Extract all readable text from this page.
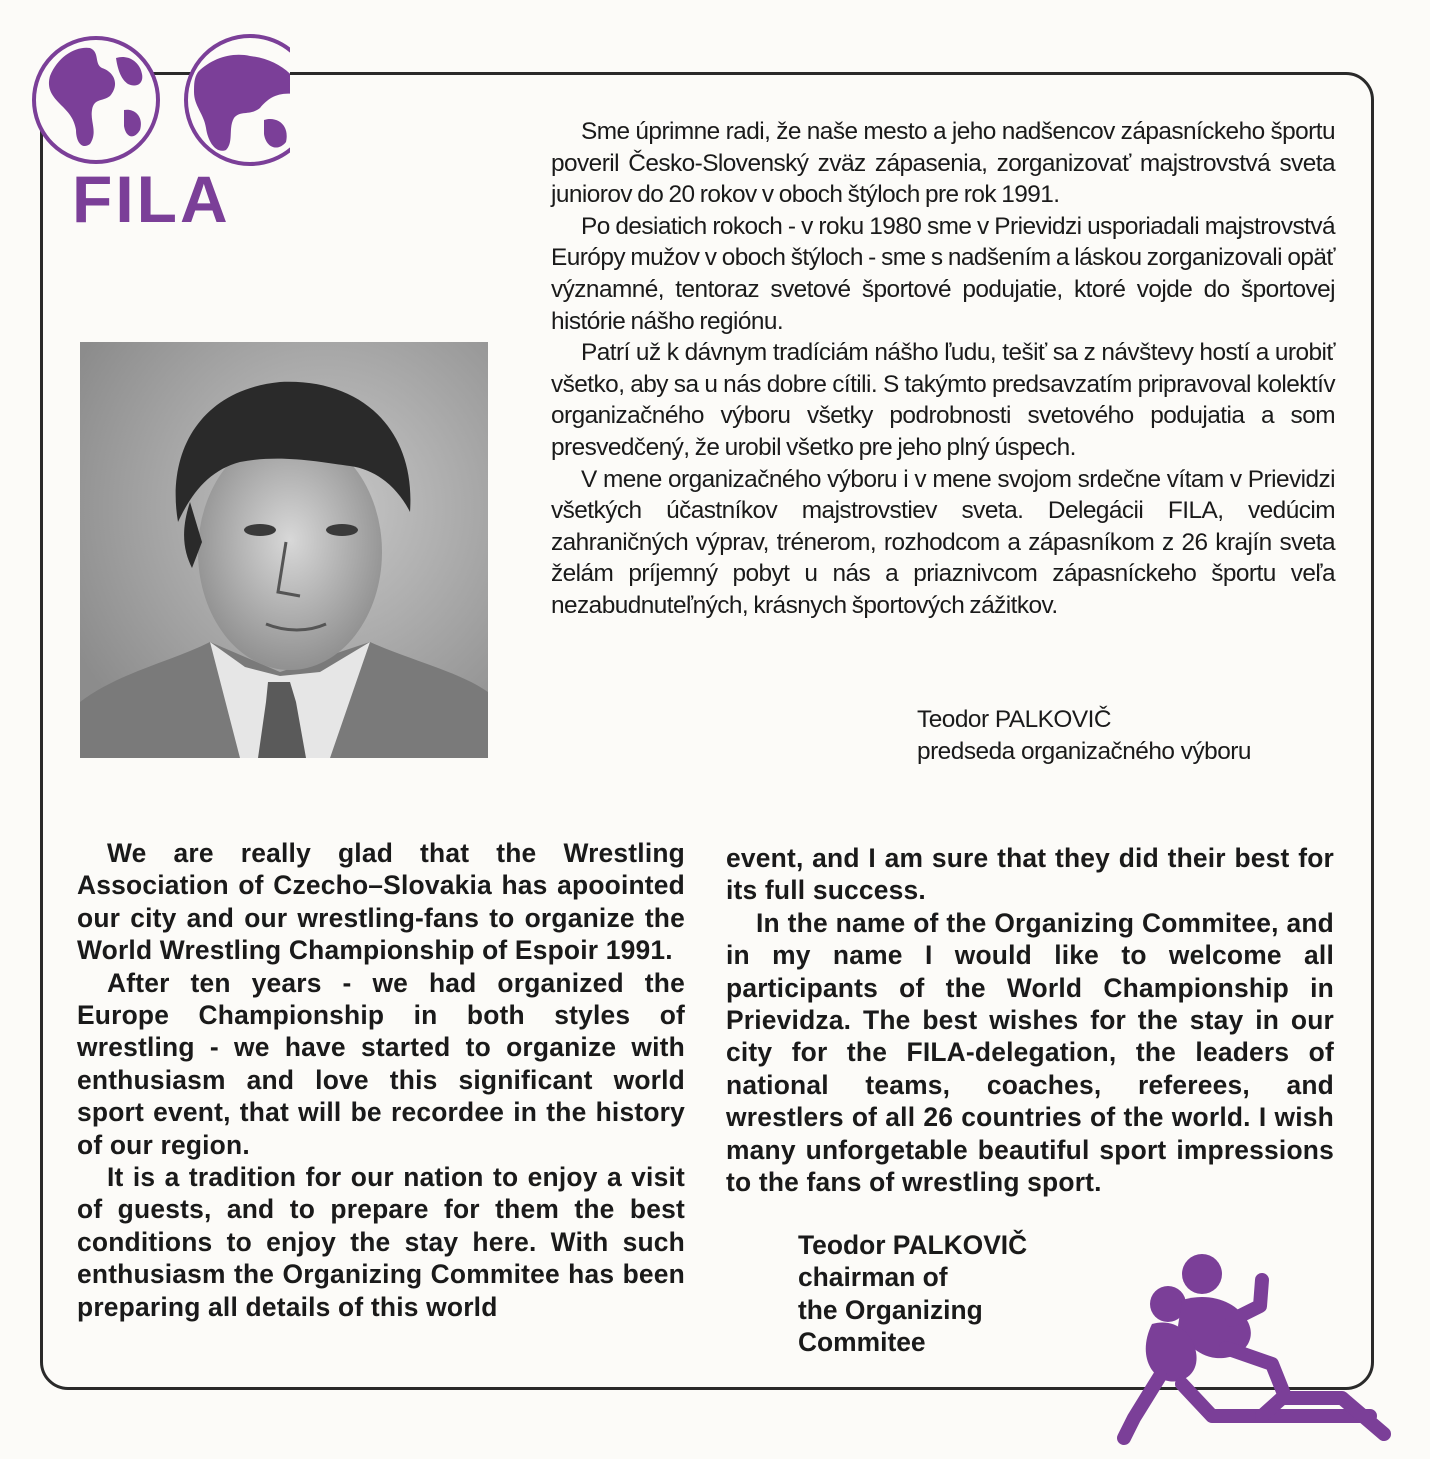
FILA

Sme úprimne radi, že naše mesto a jeho nadšencov zápasníckeho športu poveril Česko-Slovenský zväz zápasenia, zorganizovať majstrovstvá sveta juniorov do 20 rokov v oboch štýloch pre rok 1991.

Po desiatich rokoch - v roku 1980 sme v Prievidzi usporiadali majstrovstvá Európy mužov v oboch štýloch - sme s nadšením a láskou zorganizovali opäť významné, tentoraz svetové športové podujatie, ktoré vojde do športovej histórie nášho regiónu.

Patrí už k dávnym tradíciám nášho ľudu, tešiť sa z návštevy hostí a urobiť všetko, aby sa u nás dobre cítili. S takýmto predsavzatím pripravoval kolektív organizačného výboru všetky podrobnosti svetového podujatia a som presvedčený, že urobil všetko pre jeho plný úspech.

V mene organizačného výboru i v mene svojom srdečne vítam v Prievidzi všetkých účastníkov majstrovstiev sveta. Delegácii FILA, vedúcim zahraničných výprav, trénerom, rozhodcom a zápasníkom z 26 krajín sveta želám príjemný pobyt u nás a priaznivcom zápasníckeho športu veľa nezabudnuteľných, krásnych športových zážitkov.

Teodor PALKOVIČ
predseda organizačného výboru

We are really glad that the Wrestling Association of Czecho–Slovakia has apoointed our city and our wrestling-fans to organize the World Wrestling Championship of Espoir 1991.

After ten years - we had organized the Europe Championship in both styles of wrestling - we have started to organize with enthusiasm and love this significant world sport event, that will be recordee in the history of our region.

It is a tradition for our nation to enjoy a visit of guests, and to prepare for them the best conditions to enjoy the stay here. With such enthusiasm the Organizing Commitee has been preparing all details of this world

event, and I am sure that they did their best for its full success.

In the name of the Organizing Commitee, and in my name I would like to welcome all participants of the World Championship in Prievidza. The best wishes for the stay in our city for the FILA-delegation, the leaders of national teams, coaches, referees, and wrestlers of all 26 countries of the world. I wish many unforgetable beautiful sport impressions to the fans of wrestling sport.

Teodor PALKOVIČ
chairman of
the Organizing
Commitee
